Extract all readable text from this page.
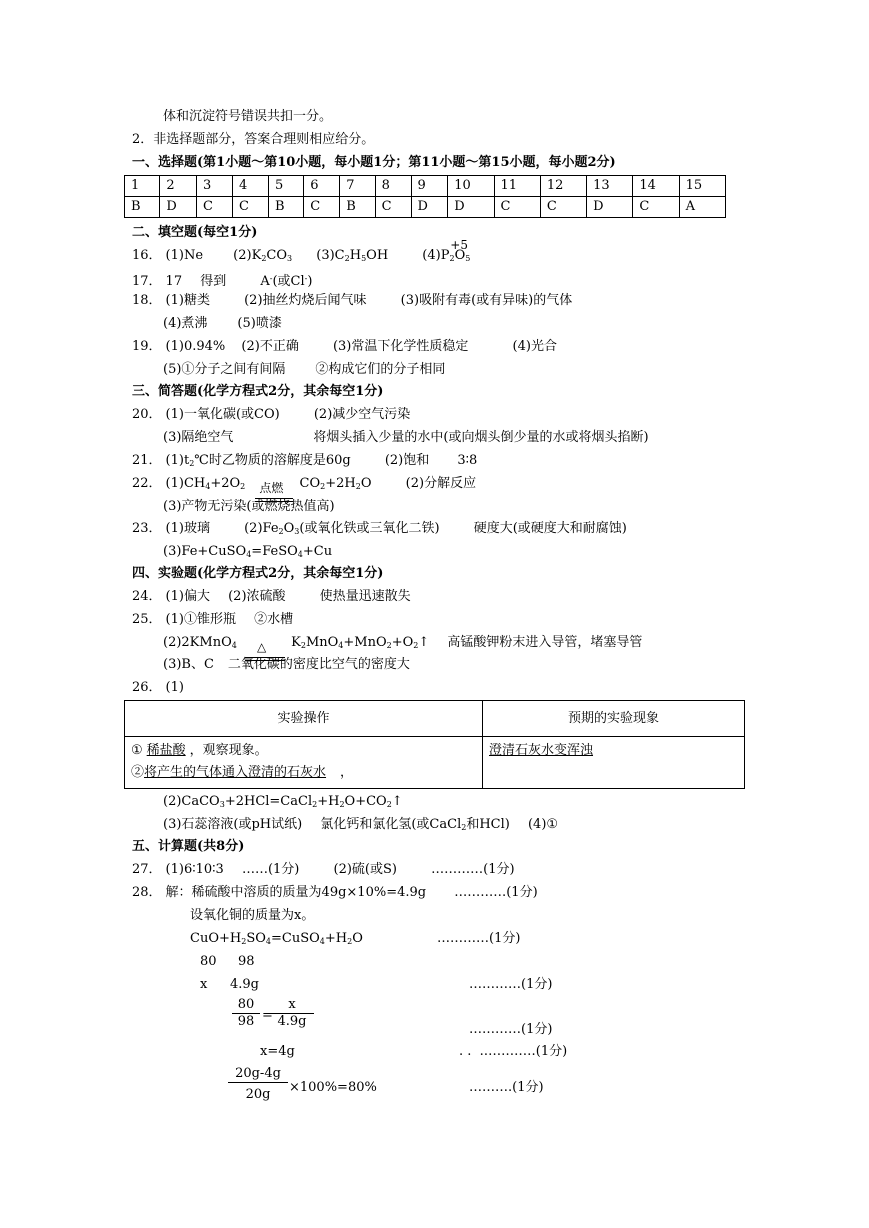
体和沉淀符号错误共扣一分。
2．非选择题部分，答案合理则相应给分。
一、选择题(第1小题～第10小题，每小题1分；第11小题～第15小题，每小题2分)
1	2	3	4	5	6	7	8	9	10	11	12	13	14	15
B	D	C	C	B	C	B	C	D	D	C	C	D	C	A
二、填空题(每空1分)
16． (1)Ne $(2)K_2CO_3$ $(3)C_2H_5OH$	(4)P
+5
$_2O_5$
17． 17 得到	A-(或Cl-)
18． (1)糖类	(2)抽丝灼烧后闻气味	(3)吸附有毒(或有异味)的气体
(4)煮沸 (5)喷漆
19． (1)0.94% (2)不正确	(3)常温下化学性质稳定	(4)光合
(5)①分子之间有间隔 ②构成它们的分子相同
三、简答题(化学方程式2分，其余每空1分)
20． (1)一氧化碳(或CO)	(2)减少空气污染
(3)隔绝空气	将烟头插入少量的水中(或向烟头倒少量的水或将烟头掐断)
21． $(1)t_2℃$时乙物质的溶解度是60g	(2)饱和 3∶8
22． $(1)CH_4+2O_2$ 点燃 $CO_2+2H_2O$	(2)分解反应
(3)产物无污染(或燃烧热值高)
23． (1)玻璃	$(2)Fe_2O_3$(或氧化铁或三氧化二铁)	硬度大(或硬度大和耐腐蚀)
(3)Fe+CuSO$_4$=FeSO$_4$+Cu
四、实验题(化学方程式2分，其余每空1分)
24． (1)偏大 (2)浓硫酸	使热量迅速散失
25． (1)①锥形瓶 ②水槽
(2)2KMnO$_4$ △ $K_2MnO_4+MnO_2+O_2↑$ 高锰酸钾粉末进入导管，堵塞导管
(3)B、C 二氧化碳的密度比空气的密度大
26． (1)
实验操作	预期的实验现象

① 稀盐酸 ，观察现象。
②将产生的气体通入澄清的石灰水 ，	澄清石灰水变浑浊
$(2)CaCO_3+2HCl=CaCl_2+H_2O+CO_2↑$
(3)石蕊溶液(或pH试纸) 氯化钙和氯化氢(或CaCl$_2$和HCl) (4)①
五、计算题(共8分)
27． (1)6∶10∶3 ……(1分)	(2)硫(或S)	…………(1分)
28． 解：稀硫酸中溶质的质量为49g×10%=4.9g …………(1分)
设氧化铜的质量为x。
$CuO+H_2SO_4=CuSO_4+H_2O$	…………(1分)
80 98
x 4.9g	…………(1分)
$\frac{80}{98}$ =
$\frac{x}{4.9g}$	…………(1分)
x=4g	. .  .…………(1分)
$\frac{20g-4g}{20g} \times 100\%=80\%$	……….(1分)
